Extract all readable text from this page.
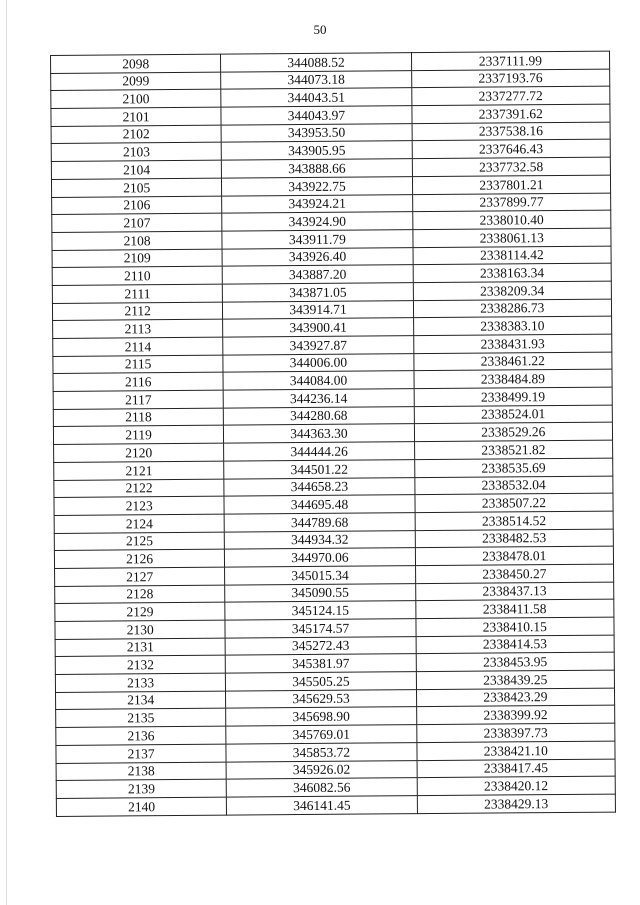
50
2098	344088.52	2337111.99
2099	344073.18	2337193.76
2100	344043.51	2337277.72
2101	344043.97	2337391.62
2102	343953.50	2337538.16
2103	343905.95	2337646.43
2104	343888.66	2337732.58
2105	343922.75	2337801.21
2106	343924.21	2337899.77
2107	343924.90	2338010.40
2108	343911.79	2338061.13
2109	343926.40	2338114.42
2110	343887.20	2338163.34
2111	343871.05	2338209.34
2112	343914.71	2338286.73
2113	343900.41	2338383.10
2114	343927.87	2338431.93
2115	344006.00	2338461.22
2116	344084.00	2338484.89
2117	344236.14	2338499.19
2118	344280.68	2338524.01
2119	344363.30	2338529.26
2120	344444.26	2338521.82
2121	344501.22	2338535.69
2122	344658.23	2338532.04
2123	344695.48	2338507.22
2124	344789.68	2338514.52
2125	344934.32	2338482.53
2126	344970.06	2338478.01
2127	345015.34	2338450.27
2128	345090.55	2338437.13
2129	345124.15	2338411.58
2130	345174.57	2338410.15
2131	345272.43	2338414.53
2132	345381.97	2338453.95
2133	345505.25	2338439.25
2134	345629.53	2338423.29
2135	345698.90	2338399.92
2136	345769.01	2338397.73
2137	345853.72	2338421.10
2138	345926.02	2338417.45
2139	346082.56	2338420.12
2140	346141.45	2338429.13
